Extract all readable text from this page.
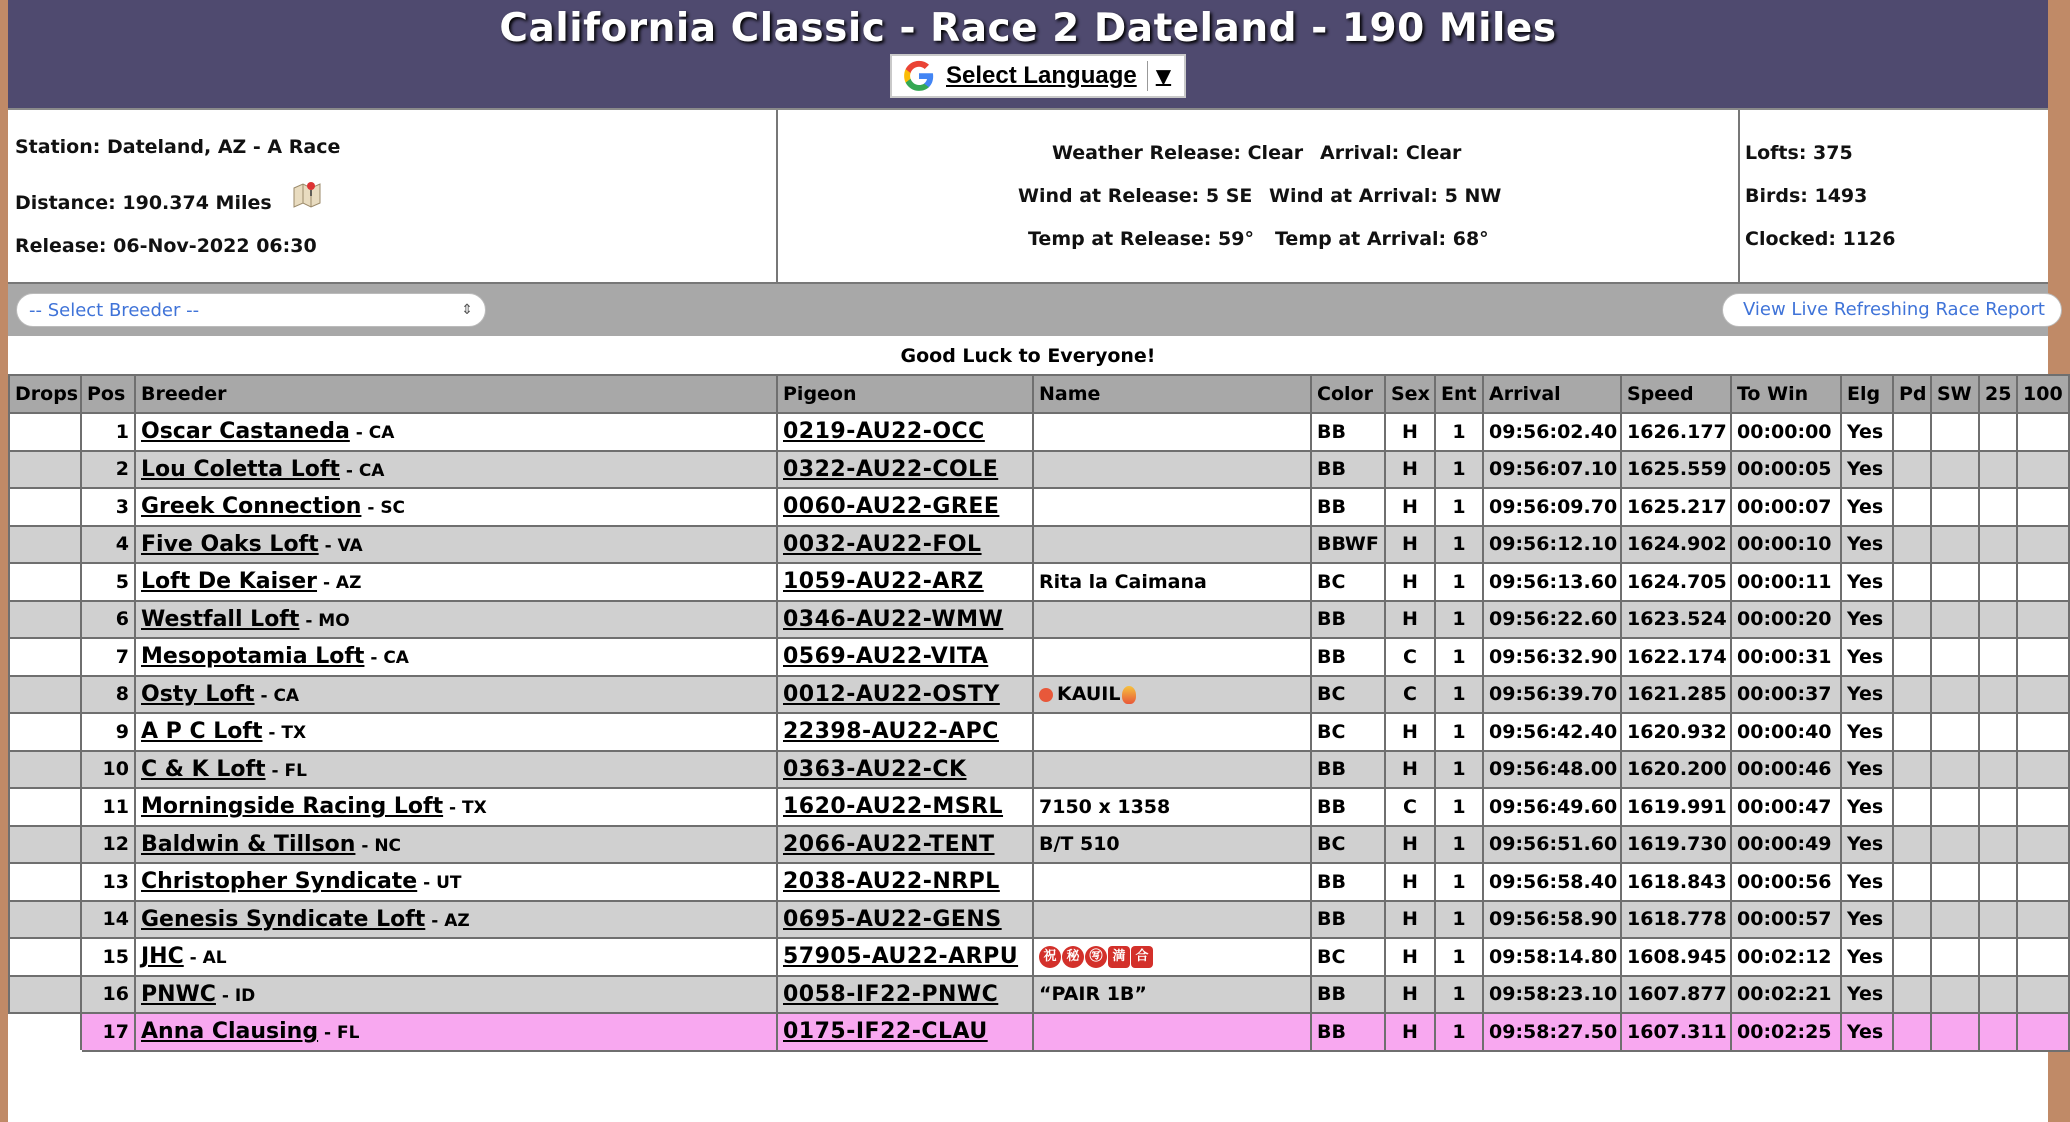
California Classic - Race 2 Dateland - 190 Miles
Select Language ▼
Station: Dateland, AZ - A Race
Distance: 190.374 Miles
Release: 06-Nov-2022 06:30
Weather Release: Clear Arrival: Clear
Wind at Release: 5 SE Wind at Arrival: 5 NW
Temp at Release: 59° Temp at Arrival: 68°
Lofts: 375
Birds: 1493
Clocked: 1126
-- Select Breeder --	⇕	View Live Refreshing Race Report
Good Luck to Everyone!
Drops	Pos	Breeder	Pigeon	Name	Color	Sex	Ent	Arrival	Speed	To Win	Elg	Pd	SW	25	100
	1	Oscar Castaneda - CA	0219-AU22-OCC		BB	H	1	09:56:02.40	1626.177	00:00:00	Yes				
	2	Lou Coletta Loft - CA	0322-AU22-COLE		BB	H	1	09:56:07.10	1625.559	00:00:05	Yes				
	3	Greek Connection - SC	0060-AU22-GREE		BB	H	1	09:56:09.70	1625.217	00:00:07	Yes				
	4	Five Oaks Loft - VA	0032-AU22-FOL		BBWF	H	1	09:56:12.10	1624.902	00:00:10	Yes				
	5	Loft De Kaiser - AZ	1059-AU22-ARZ	Rita la Caimana	BC	H	1	09:56:13.60	1624.705	00:00:11	Yes				
	6	Westfall Loft - MO	0346-AU22-WMW		BB	H	1	09:56:22.60	1623.524	00:00:20	Yes				
	7	Mesopotamia Loft - CA	0569-AU22-VITA		BB	C	1	09:56:32.90	1622.174	00:00:31	Yes				
	8	Osty Loft - CA	0012-AU22-OSTY	KAUIL	BC	C	1	09:56:39.70	1621.285	00:00:37	Yes				
	9	A P C Loft - TX	22398-AU22-APC		BC	H	1	09:56:42.40	1620.932	00:00:40	Yes				
	10	C & K Loft - FL	0363-AU22-CK		BB	H	1	09:56:48.00	1620.200	00:00:46	Yes				
	11	Morningside Racing Loft - TX	1620-AU22-MSRL	7150 x 1358	BB	C	1	09:56:49.60	1619.991	00:00:47	Yes				
	12	Baldwin & Tillson - NC	2066-AU22-TENT	B/T 510	BC	H	1	09:56:51.60	1619.730	00:00:49	Yes				
	13	Christopher Syndicate - UT	2038-AU22-NRPL		BB	H	1	09:56:58.40	1618.843	00:00:56	Yes				
	14	Genesis Syndicate Loft - AZ	0695-AU22-GENS		BB	H	1	09:56:58.90	1618.778	00:00:57	Yes				
	15	JHC - AL	57905-AU22-ARPU	祝 秘 ㊢ 満 合	BC	H	1	09:58:14.80	1608.945	00:02:12	Yes				
	16	PNWC - ID	0058-IF22-PNWC	“PAIR 1B”	BB	H	1	09:58:23.10	1607.877	00:02:21	Yes				
	17	Anna Clausing - FL	0175-IF22-CLAU		BB	H	1	09:58:27.50	1607.311	00:02:25	Yes				
